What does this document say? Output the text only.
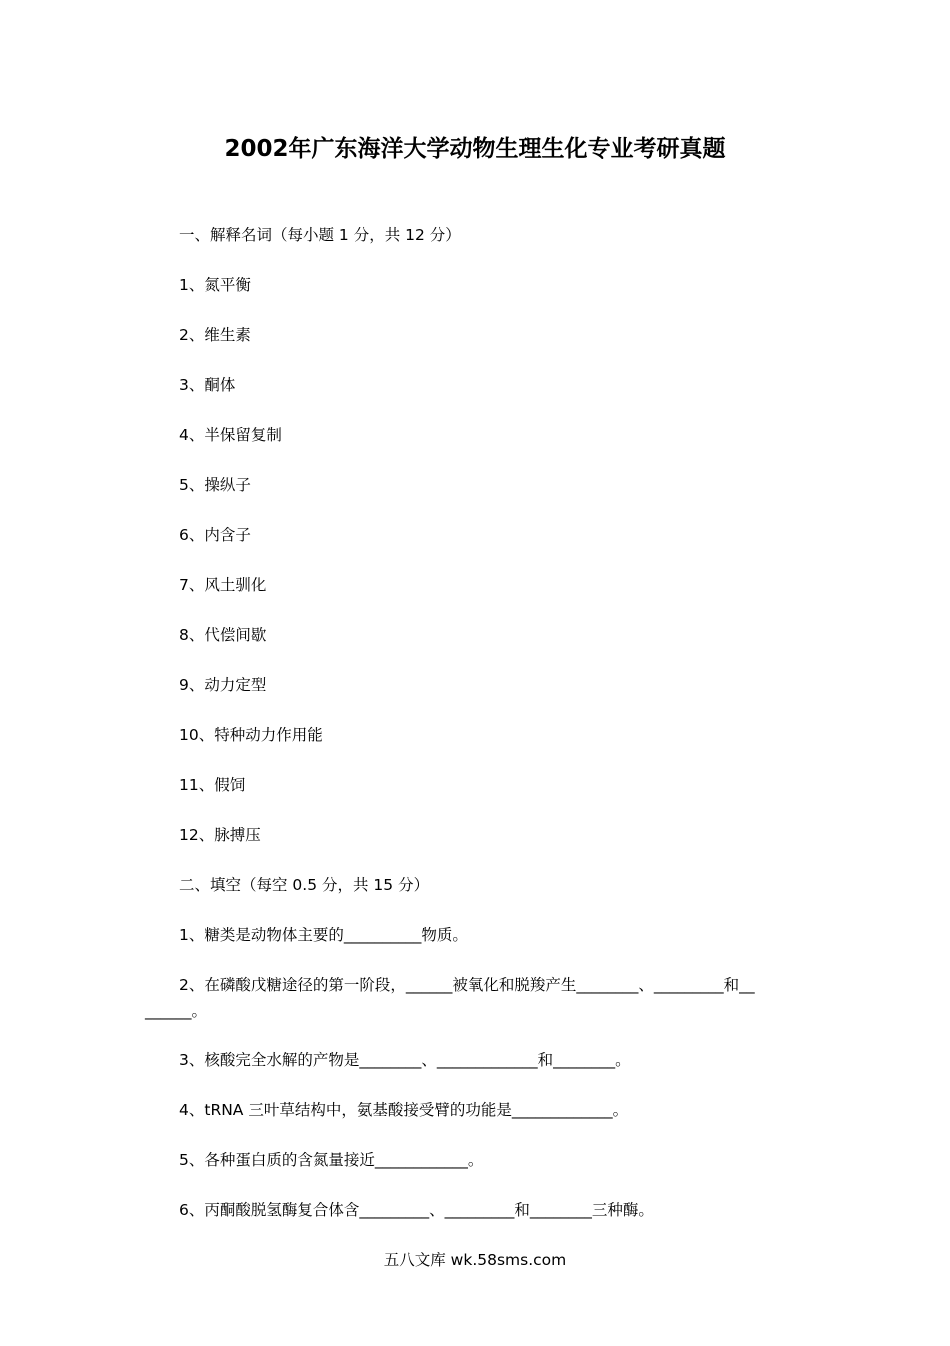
2002年广东海洋大学动物生理生化专业考研真题
一、解释名词（每小题 1 分，共 12 分）
1、氮平衡
2、维生素
3、酮体
4、半保留复制
5、操纵子
6、内含子
7、风土驯化
8、代偿间歇
9、动力定型
10、特种动力作用能
11、假饲
12、脉搏压
二、填空（每空 0.5 分，共 15 分）
1、糖类是动物体主要的__________物质。
2、在磷酸戊糖途径的第一阶段，______被氧化和脱羧产生________、_________和__
______。
3、核酸完全水解的产物是________、_____________和________。
4、tRNA 三叶草结构中，氨基酸接受臂的功能是_____________。
5、各种蛋白质的含氮量接近____________。
6、丙酮酸脱氢酶复合体含_________、_________和________三种酶。
五八文库 wk.58sms.com
